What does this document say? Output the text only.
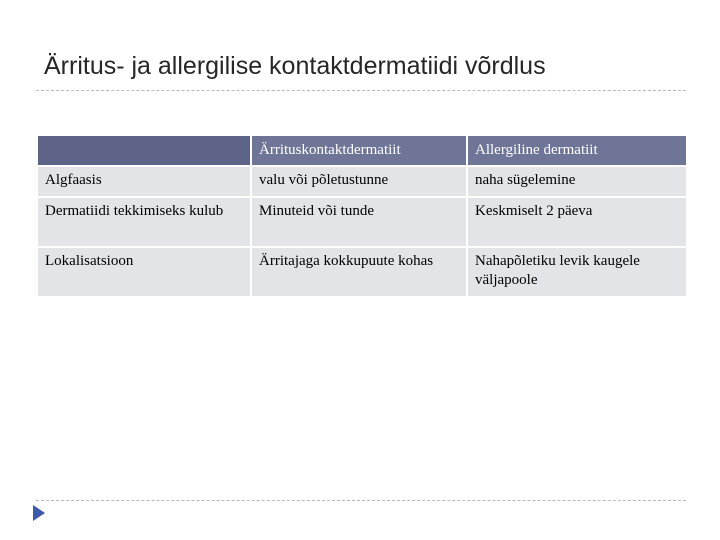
Ärritus- ja allergilise kontaktdermatiidi võrdlus
	Ärrituskontaktdermatiit	Allergiline dermatiit
Algfaasis	valu või põletustunne	naha sügelemine
Dermatiidi tekkimiseks kulub	Minuteid või tunde	Keskmiselt 2 päeva
Lokalisatsioon	Ärritajaga kokkupuute kohas	Nahapõletiku levik kaugele väljapoole
